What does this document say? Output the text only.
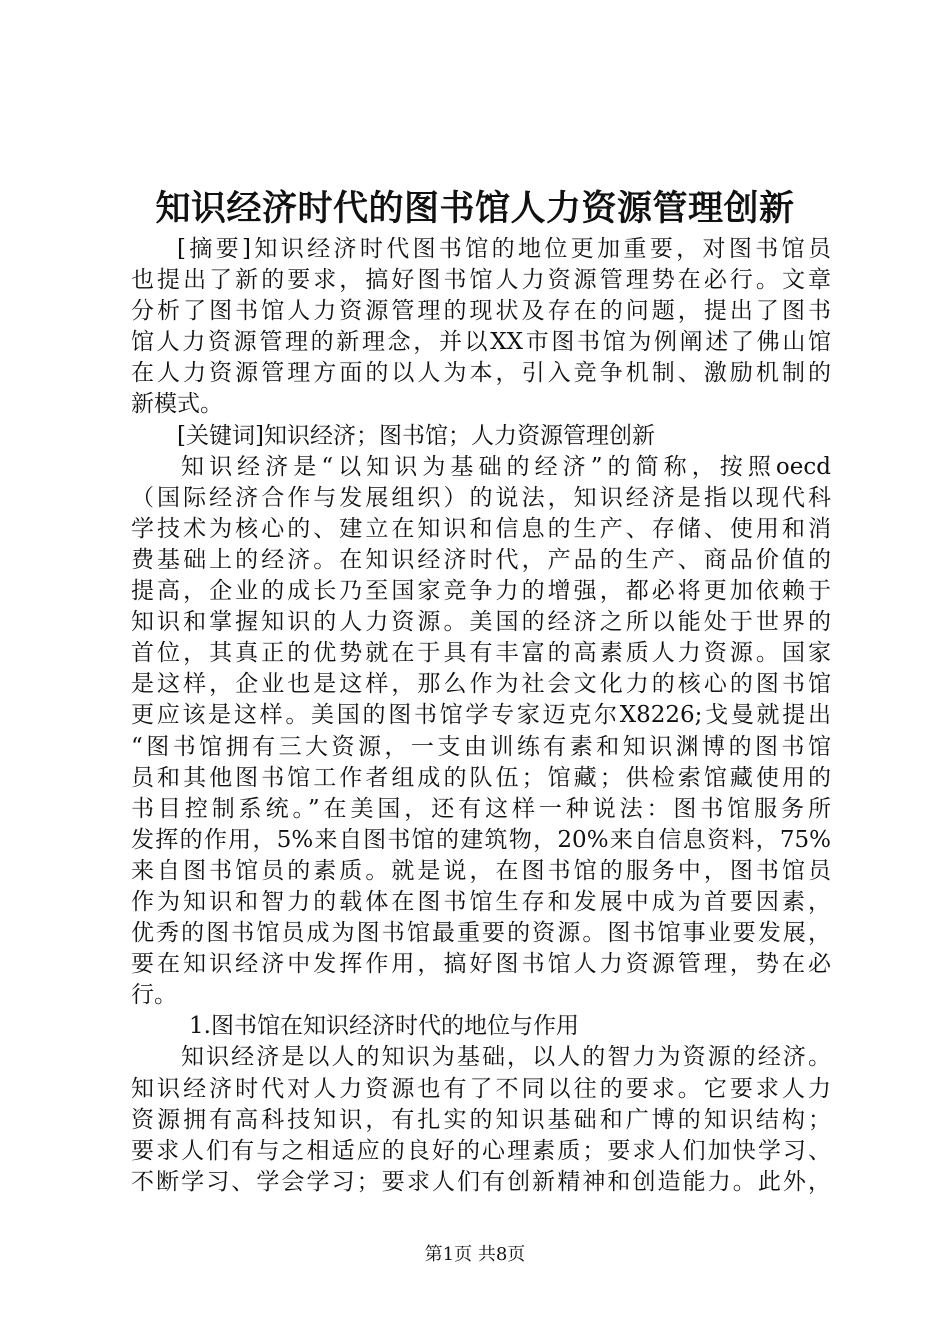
知识经济时代的图书馆人力资源管理创新
[摘要]知识经济时代图书馆的地位更加重要，对图书馆员
也提出了新的要求，搞好图书馆人力资源管理势在必行。文章
分析了图书馆人力资源管理的现状及存在的问题，提出了图书
馆人力资源管理的新理念，并以XX市图书馆为例阐述了佛山馆
在人力资源管理方面的以人为本，引入竞争机制、激励机制的
新模式。
[关键词]知识经济；图书馆；人力资源管理创新
知识经济是“以知识为基础的经济”的简称，按照oecd
（国际经济合作与发展组织）的说法，知识经济是指以现代科
学技术为核心的、建立在知识和信息的生产、存储、使用和消
费基础上的经济。在知识经济时代，产品的生产、商品价值的
提高，企业的成长乃至国家竞争力的增强，都必将更加依赖于
知识和掌握知识的人力资源。美国的经济之所以能处于世界的
首位，其真正的优势就在于具有丰富的高素质人力资源。国家
是这样，企业也是这样，那么作为社会文化力的核心的图书馆
更应该是这样。美国的图书馆学专家迈克尔X8226;戈曼就提出
“图书馆拥有三大资源，一支由训练有素和知识渊博的图书馆
员和其他图书馆工作者组成的队伍；馆藏；供检索馆藏使用的
书目控制系统。”在美国，还有这样一种说法：图书馆服务所
发挥的作用，5%来自图书馆的建筑物，20%来自信息资料，75%
来自图书馆员的素质。就是说，在图书馆的服务中，图书馆员
作为知识和智力的载体在图书馆生存和发展中成为首要因素，
优秀的图书馆员成为图书馆最重要的资源。图书馆事业要发展，
要在知识经济中发挥作用，搞好图书馆人力资源管理，势在必
行。
1.图书馆在知识经济时代的地位与作用
知识经济是以人的知识为基础，以人的智力为资源的经济。
知识经济时代对人力资源也有了不同以往的要求。它要求人力
资源拥有高科技知识，有扎实的知识基础和广博的知识结构；
要求人们有与之相适应的良好的心理素质；要求人们加快学习、
不断学习、学会学习；要求人们有创新精神和创造能力。此外，
第1页 共8页
